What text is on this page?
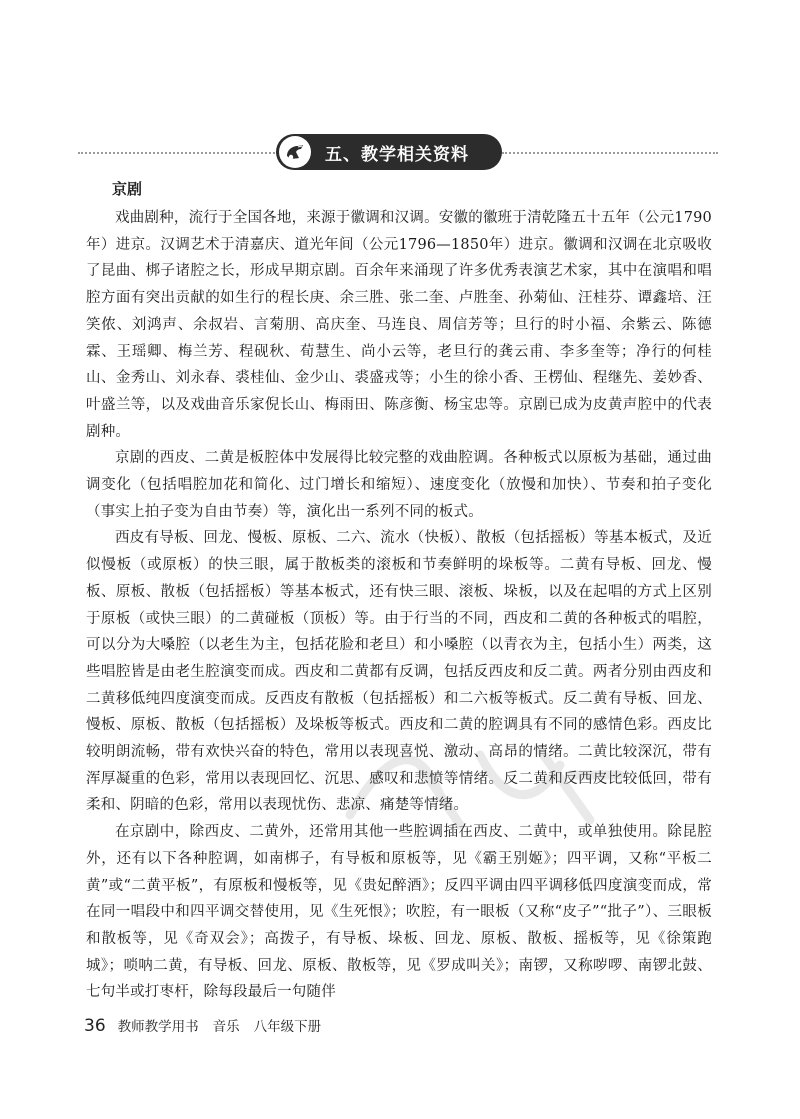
五、教学相关资料
京剧

戏曲剧种，流行于全国各地，来源于徽调和汉调。安徽的徽班于清乾隆五十五年（公元1790年）进京。汉调艺术于清嘉庆、道光年间（公元1796—1850年）进京。徽调和汉调在北京吸收了昆曲、梆子诸腔之长，形成早期京剧。百余年来涌现了许多优秀表演艺术家，其中在演唱和唱腔方面有突出贡献的如生行的程长庚、余三胜、张二奎、卢胜奎、孙菊仙、汪桂芬、谭鑫培、汪笑侬、刘鸿声、余叔岩、言菊朋、高庆奎、马连良、周信芳等；旦行的时小福、余紫云、陈德霖、王瑶卿、梅兰芳、程砚秋、荀慧生、尚小云等，老旦行的龚云甫、李多奎等；净行的何桂山、金秀山、刘永春、裘桂仙、金少山、裘盛戎等；小生的徐小香、王楞仙、程继先、姜妙香、叶盛兰等，以及戏曲音乐家倪长山、梅雨田、陈彦衡、杨宝忠等。京剧已成为皮黄声腔中的代表剧种。

京剧的西皮、二黄是板腔体中发展得比较完整的戏曲腔调。各种板式以原板为基础，通过曲调变化（包括唱腔加花和简化、过门增长和缩短）、速度变化（放慢和加快）、节奏和拍子变化（事实上拍子变为自由节奏）等，演化出一系列不同的板式。

西皮有导板、回龙、慢板、原板、二六、流水（快板）、散板（包括摇板）等基本板式，及近似慢板（或原板）的快三眼，属于散板类的滚板和节奏鲜明的垛板等。二黄有导板、回龙、慢板、原板、散板（包括摇板）等基本板式，还有快三眼、滚板、垛板，以及在起唱的方式上区别于原板（或快三眼）的二黄碰板（顶板）等。由于行当的不同，西皮和二黄的各种板式的唱腔，可以分为大嗓腔（以老生为主，包括花脸和老旦）和小嗓腔（以青衣为主，包括小生）两类，这些唱腔皆是由老生腔演变而成。西皮和二黄都有反调，包括反西皮和反二黄。两者分别由西皮和二黄移低纯四度演变而成。反西皮有散板（包括摇板）和二六板等板式。反二黄有导板、回龙、慢板、原板、散板（包括摇板）及垛板等板式。西皮和二黄的腔调具有不同的感情色彩。西皮比较明朗流畅，带有欢快兴奋的特色，常用以表现喜悦、激动、高昂的情绪。二黄比较深沉，带有浑厚凝重的色彩，常用以表现回忆、沉思、感叹和悲愤等情绪。反二黄和反西皮比较低回，带有柔和、阴暗的色彩，常用以表现忧伤、悲凉、痛楚等情绪。

在京剧中，除西皮、二黄外，还常用其他一些腔调插在西皮、二黄中，或单独使用。除昆腔外，还有以下各种腔调，如南梆子，有导板和原板等，见《霸王别姬》；四平调，又称“平板二黄”或“二黄平板”，有原板和慢板等，见《贵妃醉酒》；反四平调由四平调移低四度演变而成，常在同一唱段中和四平调交替使用，见《生死恨》；吹腔，有一眼板（又称“皮子”“批子”）、三眼板和散板等，见《奇双会》；高拨子，有导板、垛板、回龙、原板、散板、摇板等，见《徐策跑城》；唢呐二黄，有导板、回龙、原板、散板等，见《罗成叫关》；南锣，又称哕啰、南锣北鼓、七句半或打枣杆，除每段最后一句随伴

36 教师教学用书 音乐 八年级下册
